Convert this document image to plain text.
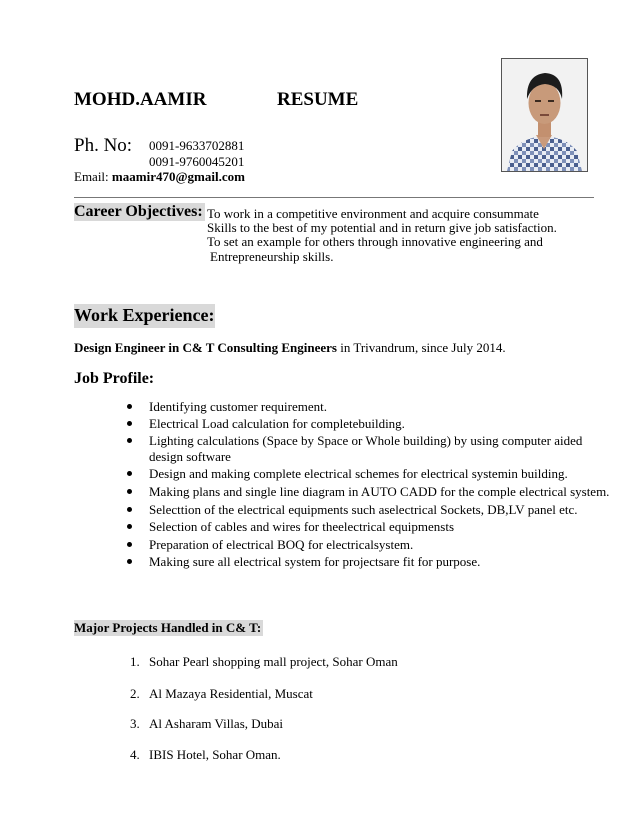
MOHD.AAMIR	RESUME
Ph. No: 0091-9633702881
0091-9760045201
Email: maamir470@gmail.com
Career Objectives: To work in a competitive environment and acquire consummate
Skills to the best of my potential and in return give job satisfaction.
To set an example for others through innovative engineering and
Entrepreneurship skills.
Work Experience:
Design Engineer in C& T Consulting Engineers in Trivandrum, since July 2014.
Job Profile:
Identifying customer requirement.
Electrical Load calculation for completebuilding.
Lighting calculations (Space by Space or Whole building) by using computer aided
design software
Design and making complete electrical schemes for electrical systemin building.
Making plans and single line diagram in AUTO CADD for the comple electrical system.
Selecttion of the electrical equipments such aselectrical Sockets, DB,LV panel etc.
Selection of cables and wires for theelectrical equipmensts
Preparation of electrical BOQ for electricalsystem.
Making sure all electrical system for projectsare fit for purpose.
Major Projects Handled in C& T:
1. Sohar Pearl shopping mall project, Sohar Oman
2. Al Mazaya Residential, Muscat
3. Al Asharam Villas, Dubai
4. IBIS Hotel, Sohar Oman.
